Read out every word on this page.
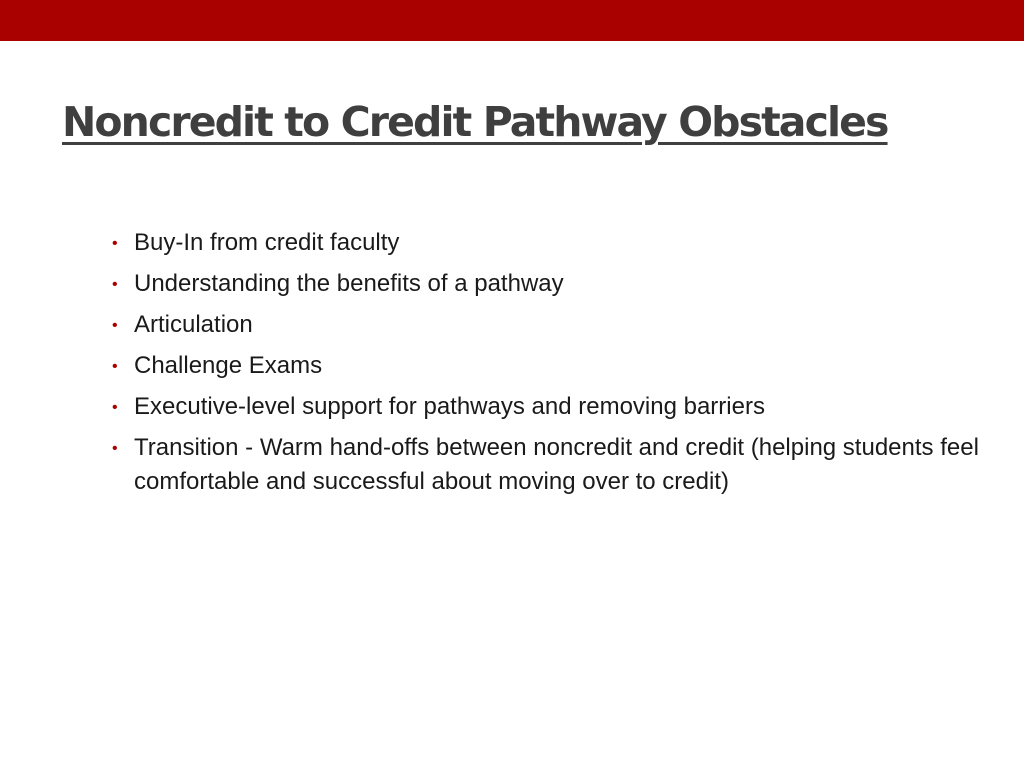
Noncredit to Credit Pathway Obstacles
• Buy-In from credit faculty
• Understanding the benefits of a pathway
• Articulation
• Challenge Exams
• Executive-level support for pathways and removing barriers
• Transition - Warm hand-offs between noncredit and credit (helping students feel comfortable and successful about moving over to credit)
